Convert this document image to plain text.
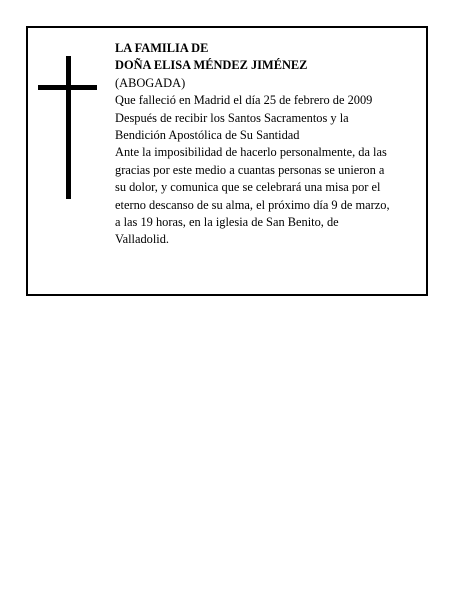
LA FAMILIA DE
DOÑA ELISA MÉNDEZ JIMÉNEZ
(ABOGADA)
Que falleció en Madrid el día 25 de febrero de 2009
Después de recibir los Santos Sacramentos y la
Bendición Apostólica de Su Santidad
Ante la imposibilidad de hacerlo personalmente, da las
gracias por este medio a cuantas personas se unieron a
su dolor, y comunica que se celebrará una misa por el
eterno descanso de su alma, el próximo día 9 de marzo,
a las 19 horas, en la iglesia de San Benito, de
Valladolid.
